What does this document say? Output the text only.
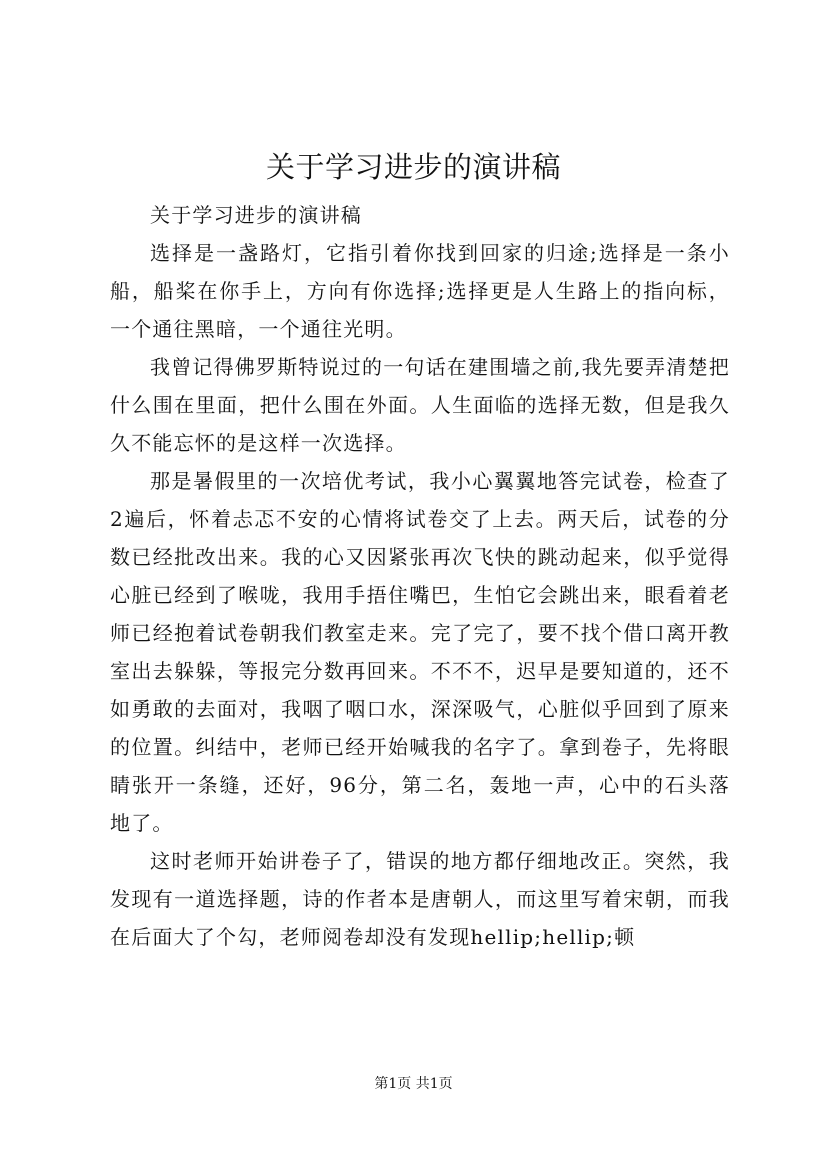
关于学习进步的演讲稿

关于学习进步的演讲稿

选择是一盏路灯，它指引着你找到回家的归途;选择是一条小船，船桨在你手上，方向有你选择;选择更是人生路上的指向标，一个通往黑暗，一个通往光明。

我曾记得佛罗斯特说过的一句话在建围墙之前,我先要弄清楚把什么围在里面，把什么围在外面。人生面临的选择无数，但是我久久不能忘怀的是这样一次选择。

那是暑假里的一次培优考试，我小心翼翼地答完试卷，检查了2遍后，怀着忐忑不安的心情将试卷交了上去。两天后，试卷的分数已经批改出来。我的心又因紧张再次飞快的跳动起来，似乎觉得心脏已经到了喉咙，我用手捂住嘴巴，生怕它会跳出来，眼看着老师已经抱着试卷朝我们教室走来。完了完了，要不找个借口离开教室出去躲躲，等报完分数再回来。不不不，迟早是要知道的，还不如勇敢的去面对，我咽了咽口水，深深吸气，心脏似乎回到了原来的位置。纠结中，老师已经开始喊我的名字了。拿到卷子，先将眼睛张开一条缝，还好，96分，第二名，轰地一声，心中的石头落地了。

这时老师开始讲卷子了，错误的地方都仔细地改正。突然，我发现有一道选择题，诗的作者本是唐朝人，而这里写着宋朝，而我在后面大了个勾，老师阅卷却没有发现hellip;hellip;顿

第1页 共1页
